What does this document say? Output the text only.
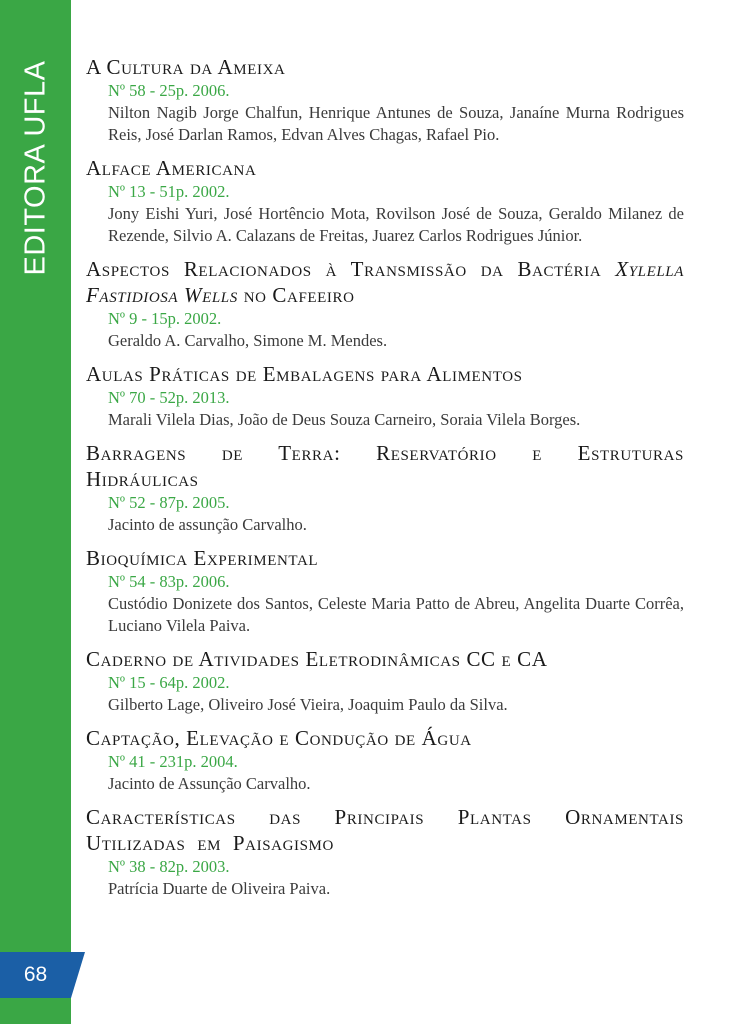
EDITORA UFLA
68
A Cultura da Ameixa
Nº 58 - 25p. 2006.
Nilton Nagib Jorge Chalfun, Henrique Antunes de Souza, Janaíne Murna Rodrigues Reis, José Darlan Ramos, Edvan Alves Chagas, Rafael Pio.
Alface Americana
Nº 13 - 51p. 2002.
Jony Eishi Yuri, José Hortêncio Mota, Rovilson José de Souza, Geraldo Milanez de Rezende, Silvio A. Calazans de Freitas, Juarez Carlos Rodrigues Júnior.
Aspectos Relacionados à Transmissão da Bactéria Xylella Fastidiosa Wells no Cafeeiro
Nº 9 - 15p. 2002.
Geraldo A. Carvalho, Simone M. Mendes.
Aulas Práticas de Embalagens para Alimentos
Nº 70 - 52p. 2013.
Marali Vilela Dias, João de Deus Souza Carneiro, Soraia Vilela Borges.
Barragens de Terra: Reservatório e Estruturas Hidráulicas
Nº 52 - 87p. 2005.
Jacinto de assunção Carvalho.
Bioquímica Experimental
Nº 54 - 83p. 2006.
Custódio Donizete dos Santos, Celeste Maria Patto de Abreu, Angelita Duarte Corrêa, Luciano Vilela Paiva.
Caderno de Atividades Eletrodinâmicas CC e CA
Nº 15 - 64p. 2002.
Gilberto Lage, Oliveiro José Vieira, Joaquim Paulo da Silva.
Captação, Elevação e Condução de Água
Nº 41 - 231p. 2004.
Jacinto de Assunção Carvalho.
Características das Principais Plantas Ornamentais Utilizadas em Paisagismo
Nº 38 - 82p. 2003.
Patrícia Duarte de Oliveira Paiva.
